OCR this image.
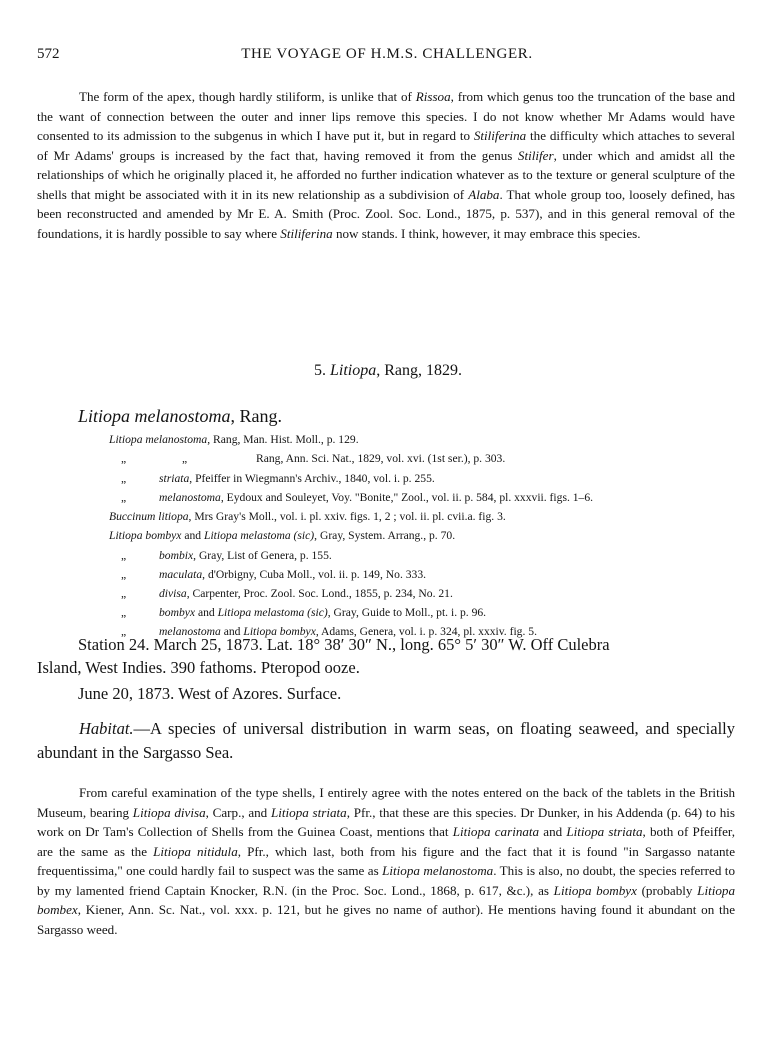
572	THE VOYAGE OF H.M.S. CHALLENGER.

The form of the apex, though hardly stiliform, is unlike that of Rissoa, from which genus too the truncation of the base and the want of connection between the outer and inner lips remove this species. I do not know whether Mr Adams would have consented to its admission to the subgenus in which I have put it, but in regard to Stiliferina the difficulty which attaches to several of Mr Adams' groups is increased by the fact that, having removed it from the genus Stilifer, under which and amidst all the relationships of which he originally placed it, he afforded no further indication whatever as to the texture or general sculpture of the shells that might be associated with it in its new relationship as a subdivision of Alaba. That whole group too, loosely defined, has been reconstructed and amended by Mr E. A. Smith (Proc. Zool. Soc. Lond., 1875, p. 537), and in this general removal of the foundations, it is hardly possible to say where Stiliferina now stands. I think, however, it may embrace this species.

5. Litiopa, Rang, 1829.
Litiopa melanostoma, Rang.
Litiopa melanostoma, Rang, Man. Hist. Moll., p. 129.
„	„	Rang, Ann. Sci. Nat., 1829, vol. xvi. (1st ser.), p. 303.
„	striata, Pfeiffer in Wiegmann's Archiv., 1840, vol. i. p. 255.
„	melanostoma, Eydoux and Souleyet, Voy. "Bonite," Zool., vol. ii. p. 584, pl. xxxvii. figs. 1–6.
Buccinum litiopa, Mrs Gray's Moll., vol. i. pl. xxiv. figs. 1, 2 ; vol. ii. pl. cvii.a. fig. 3.
Litiopa bombyx and Litiopa melastoma (sic), Gray, System. Arrang., p. 70.
„	bombix, Gray, List of Genera, p. 155.
„	maculata, d'Orbigny, Cuba Moll., vol. ii. p. 149, No. 333.
„	divisa, Carpenter, Proc. Zool. Soc. Lond., 1855, p. 234, No. 21.
„	bombyx and Litiopa melastoma (sic), Gray, Guide to Moll., pt. i. p. 96.
„	melanostoma and Litiopa bombyx, Adams, Genera, vol. i. p. 324, pl. xxxiv. fig. 5.
Station 24. March 25, 1873. Lat. 18° 38′ 30″ N., long. 65° 5′ 30″ W. Off Culebra
Island, West Indies. 390 fathoms. Pteropod ooze.
June 20, 1873. West of Azores. Surface.

Habitat.—A species of universal distribution in warm seas, on floating seaweed, and specially abundant in the Sargasso Sea.

From careful examination of the type shells, I entirely agree with the notes entered on the back of the tablets in the British Museum, bearing Litiopa divisa, Carp., and Litiopa striata, Pfr., that these are this species. Dr Dunker, in his Addenda (p. 64) to his work on Dr Tam's Collection of Shells from the Guinea Coast, mentions that Litiopa carinata and Litiopa striata, both of Pfeiffer, are the same as the Litiopa nitidula, Pfr., which last, both from his figure and the fact that it is found "in Sargasso natante frequentissima," one could hardly fail to suspect was the same as Litiopa melanostoma. This is also, no doubt, the species referred to by my lamented friend Captain Knocker, R.N. (in the Proc. Soc. Lond., 1868, p. 617, &c.), as Litiopa bombyx (probably Litiopa bombex, Kiener, Ann. Sc. Nat., vol. xxx. p. 121, but he gives no name of author). He mentions having found it abundant on the Sargasso weed.
